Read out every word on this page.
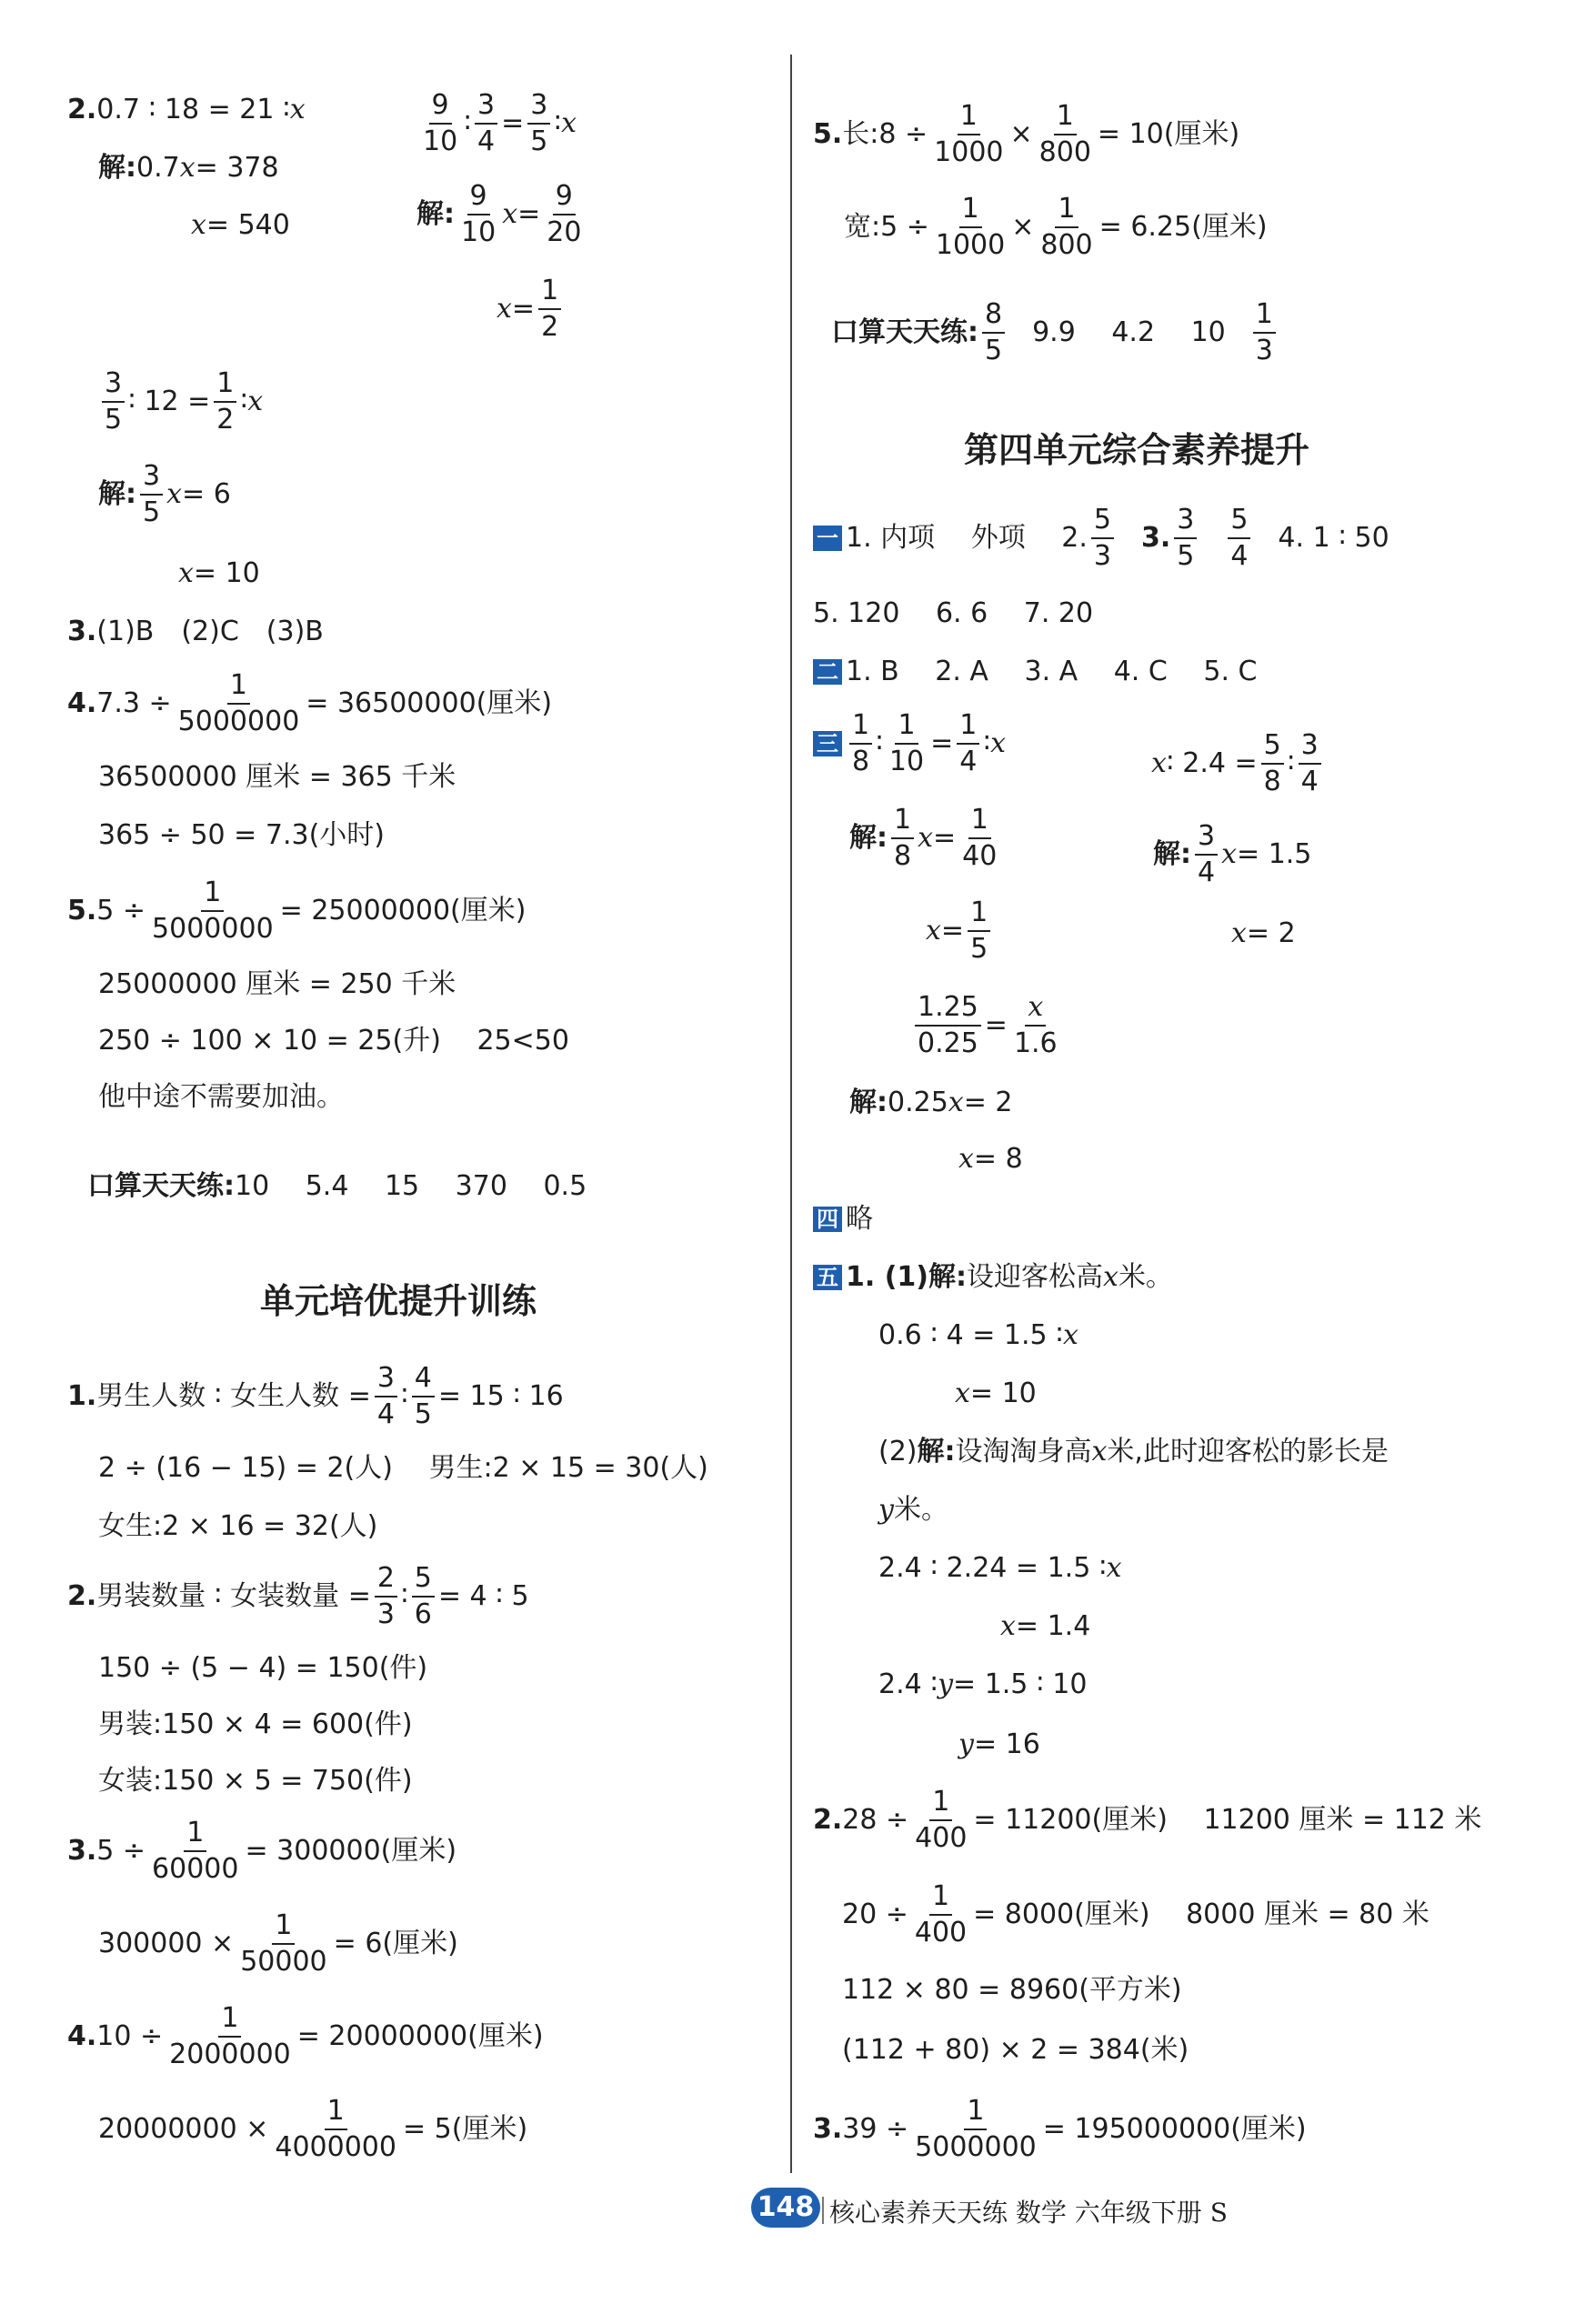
2. 0.7 ∶ 18 = 21 ∶ x
解: 0.7 x = 378
x = 540
$\frac{9}{10}$ ∶ $\frac{3}{4} = \frac{3}{5}$ ∶ x
解: $\frac{9}{10}$ $x = \frac{9}{20}$
$x = \frac{1}{2}$
$\frac{3}{5}$ ∶ $12 = \frac{1}{2}$ ∶ x
解: $\frac{3}{5}$ x = 6
x = 10
3. (1)B　(2)C　(3)B
4. $7.3 \div \frac{1}{5000000} = 36500000$(厘米)
36500000 厘米 = 365 千米
365 ÷ 50 = 7.3(小时)
5. $5 \div \frac{1}{5000000} = 25000000$(厘米)
25000000 厘米 = 250 千米
250 ÷ 100 × 10 = 25(升)　 25<50
他中途不需要加油。
口算天天练: 10　 5.4　 15　 370　 0.5
单元培优提升训练
1. 男生人数 ∶ 女生人数 = $\frac{3}{4}$ ∶ $\frac{4}{5} = 15$ ∶ 16
2 ÷ (16 − 15) = 2(人)　 男生:2 × 15 = 30(人)
女生:2 × 16 = 32(人)
2. 男装数量 ∶ 女装数量 = $\frac{2}{3}$ ∶ $\frac{5}{6} = 4$ ∶ 5
150 ÷ (5 − 4) = 150(件)
男装:150 × 4 = 600(件)
女装:150 × 5 = 750(件)
3. $5 \div \frac{1}{60000} = 300000$(厘米)
$300000 \times \frac{1}{50000} = 6$(厘米)
4. $10 \div \frac{1}{2000000} = 20000000$(厘米)
$20000000 \times \frac{1}{4000000} = 5$(厘米)
5. 长:8 ÷ $\frac{1}{1000} \times \frac{1}{800} = 10$(厘米)
宽:5 ÷ $\frac{1}{1000} \times \frac{1}{800} = 6.25$(厘米)
口算天天练: $\frac{8}{5} 9.9$　 4.2　 $10 \frac{1}{3}$
第四单元综合素养提升
一 1. 内项　 外项　 2. $\frac{5}{3} 3$. $\frac{3}{5} \frac{5}{4} 4$. 1 ∶ 50
5. 120　 6. 6　 7. 20
二 1. B　 2. A　 3. A　 4. C　 5. C
三 $\frac{1}{8}$ ∶ $\frac{1}{10} = \frac{1}{4}$ ∶ x
解: $\frac{1}{8}$ $x = \frac{1}{40}$
$x = \frac{1}{5}$
x ∶ $2.4 = \frac{5}{8}$ ∶ $\frac{3}{4}$
解: $\frac{3}{4}$ x = 1.5
x = 2
$\frac{1.25}{0.25} = \frac{x}{1.6}$
解: 0.25 x = 2
x = 8
四 略
五 1. (1) 解: 设迎客松高 x 米。
0.6 ∶ 4 = 1.5 ∶ x
x = 10
(2) 解: 设淘淘身高 x 米,此时迎客松的影长是
y 米。
2.4 ∶ 2.24 = 1.5 ∶ x
x = 1.4
2.4 ∶ y = 1.5 ∶ 10
y = 16
2. $28 \div \frac{1}{400} = 11200$(厘米)　 11200 厘米 = 112 米
$20 \div \frac{1}{400} = 8000$(厘米)　 8000 厘米 = 80 米
112 × 80 = 8960(平方米)
(112 + 80) × 2 = 384(米)
3. $39 \div \frac{1}{5000000} = 195000000$(厘米)
148 核心素养天天练 数学 六年级下册 S
